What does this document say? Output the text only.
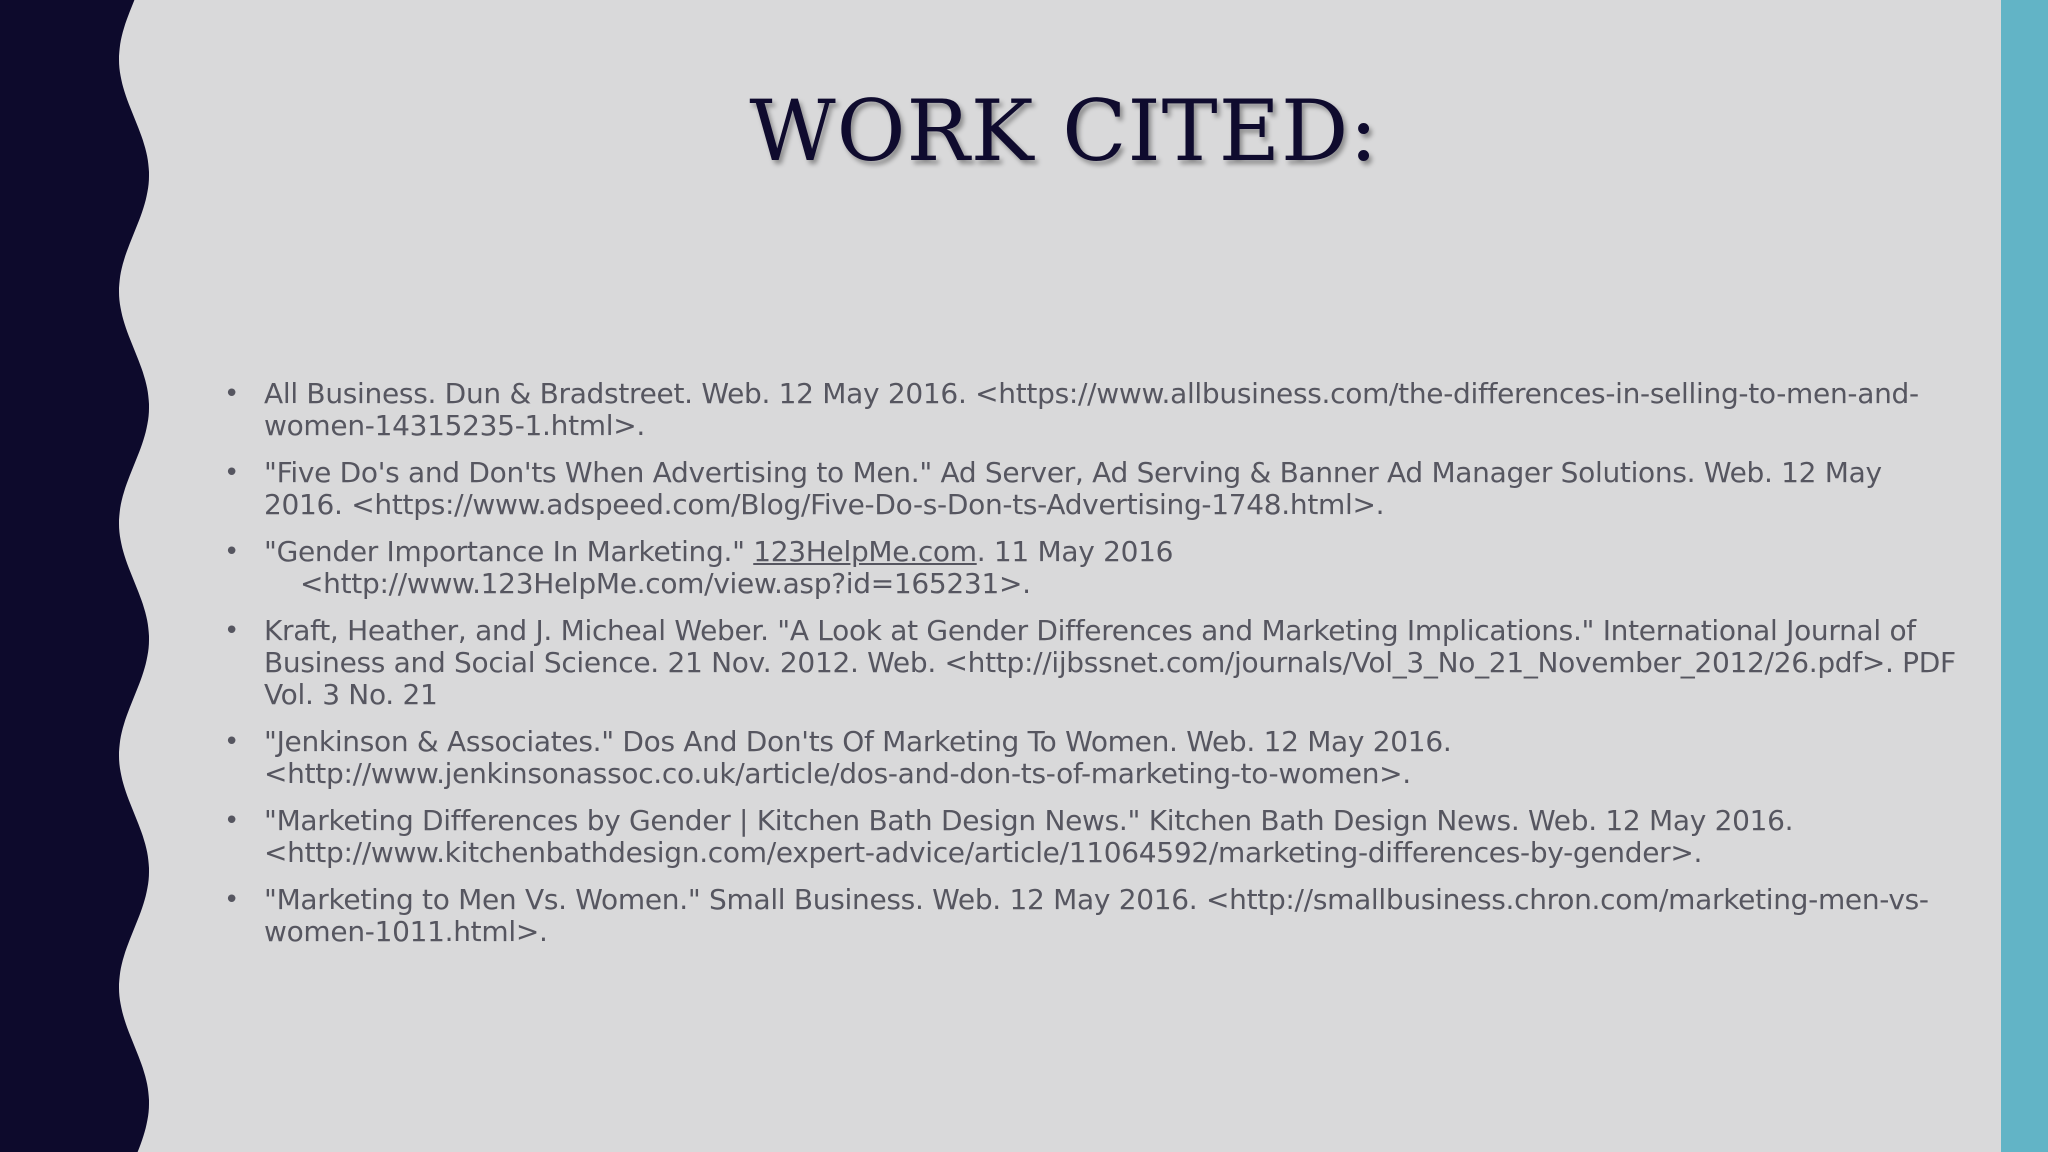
WORK CITED:
• All Business. Dun & Bradstreet. Web. 12 May 2016. <https://www.allbusiness.com/the-differences-in-selling-to-men-and-
women-14315235-1.html>.
• "Five Do's and Don'ts When Advertising to Men." Ad Server, Ad Serving & Banner Ad Manager Solutions. Web. 12 May
2016. <https://www.adspeed.com/Blog/Five-Do-s-Don-ts-Advertising-1748.html>.
• "Gender Importance In Marketing." 123HelpMe.com. 11 May 2016
<http://www.123HelpMe.com/view.asp?id=165231>.
• Kraft, Heather, and J. Micheal Weber. "A Look at Gender Differences and Marketing Implications." International Journal of
Business and Social Science. 21 Nov. 2012. Web. <http://ijbssnet.com/journals/Vol_3_No_21_November_2012/26.pdf>. PDF
Vol. 3 No. 21
• "Jenkinson & Associates." Dos And Don'ts Of Marketing To Women. Web. 12 May 2016.
<http://www.jenkinsonassoc.co.uk/article/dos-and-don-ts-of-marketing-to-women>.
• "Marketing Differences by Gender | Kitchen Bath Design News." Kitchen Bath Design News. Web. 12 May 2016.
<http://www.kitchenbathdesign.com/expert-advice/article/11064592/marketing-differences-by-gender>.
• "Marketing to Men Vs. Women." Small Business. Web. 12 May 2016. <http://smallbusiness.chron.com/marketing-men-vs-
women-1011.html>.
